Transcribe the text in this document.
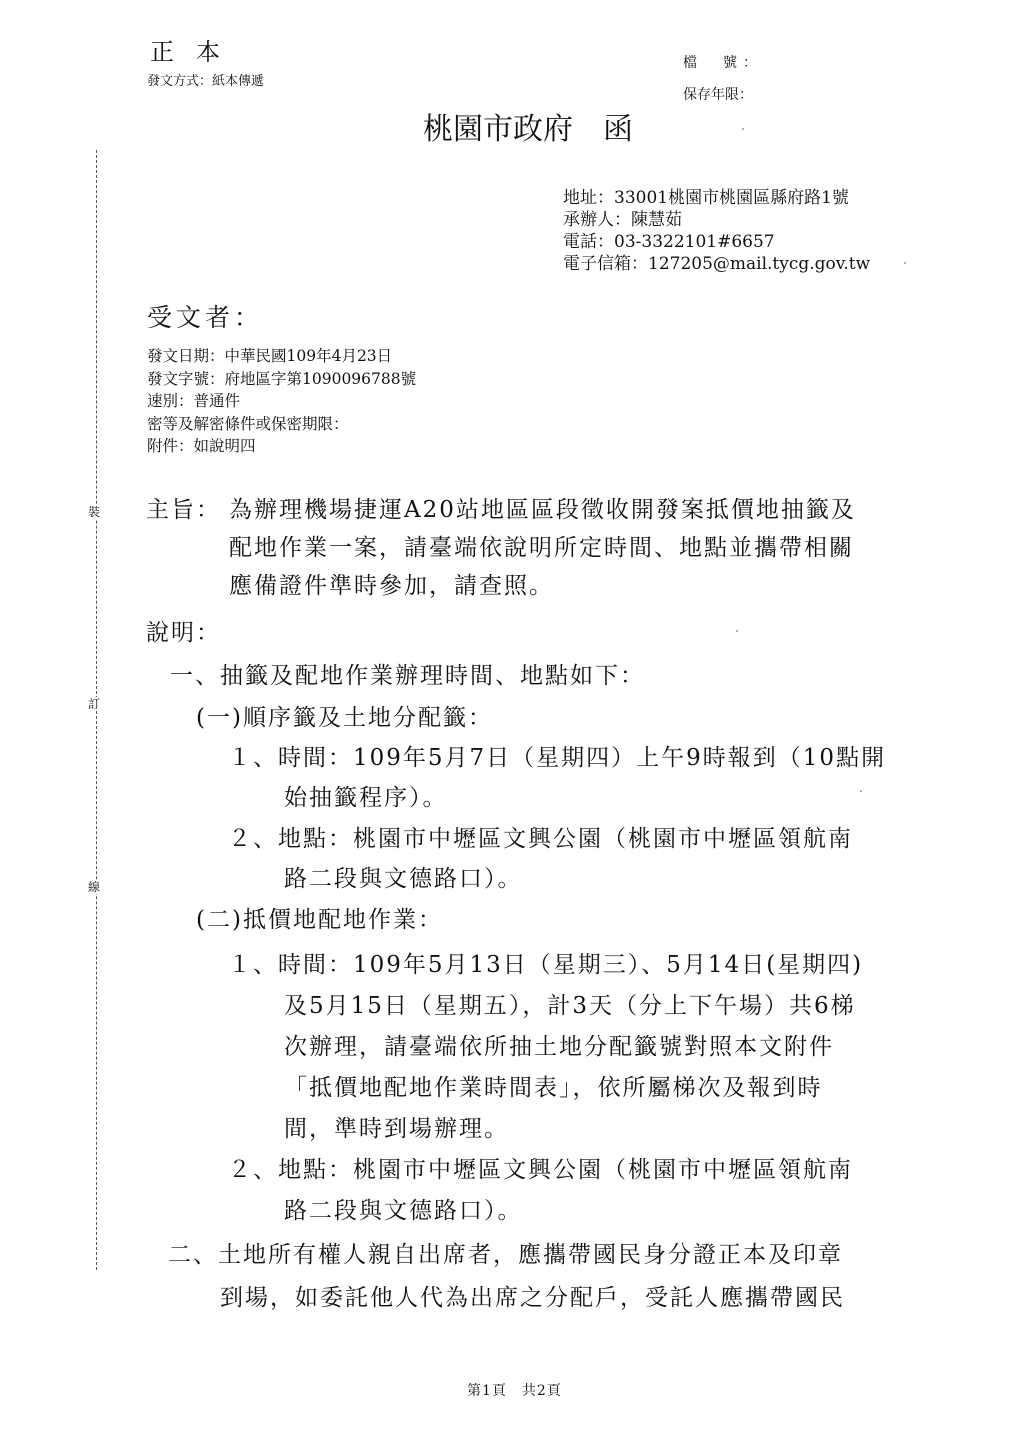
正本
發文方式：紙本傳遞
檔　號：
保存年限：
桃園市政府　函
地址：33001桃園市桃園區縣府路1號
承辦人：陳慧茹
電話：03-3322101#6657
電子信箱：127205@mail.tycg.gov.tw
受文者：
發文日期：中華民國109年4月23日
發文字號：府地區字第1090096788號
速別：普通件
密等及解密條件或保密期限：
附件：如說明四
裝
訂
線
主旨： 為辦理機場捷運A20站地區區段徵收開發案抵價地抽籤及
配地作業一案，請臺端依說明所定時間、地點並攜帶相關
應備證件準時參加，請查照。
說明：
一、抽籤及配地作業辦理時間、地點如下：
(一)順序籤及土地分配籤：
１、時間：109年5月7日（星期四）上午9時報到（10點開
始抽籤程序）。
２、地點：桃園市中壢區文興公園（桃園市中壢區領航南
路二段與文德路口）。
(二)抵價地配地作業：
１、時間：109年5月13日（星期三）、5月14日(星期四)
及5月15日（星期五），計3天（分上下午場）共6梯
次辦理，請臺端依所抽土地分配籤號對照本文附件
「抵價地配地作業時間表」，依所屬梯次及報到時
間，準時到場辦理。
２、地點：桃園市中壢區文興公園（桃園市中壢區領航南
路二段與文德路口）。
二、土地所有權人親自出席者，應攜帶國民身分證正本及印章
到場，如委託他人代為出席之分配戶，受託人應攜帶國民
第1頁　共2頁
